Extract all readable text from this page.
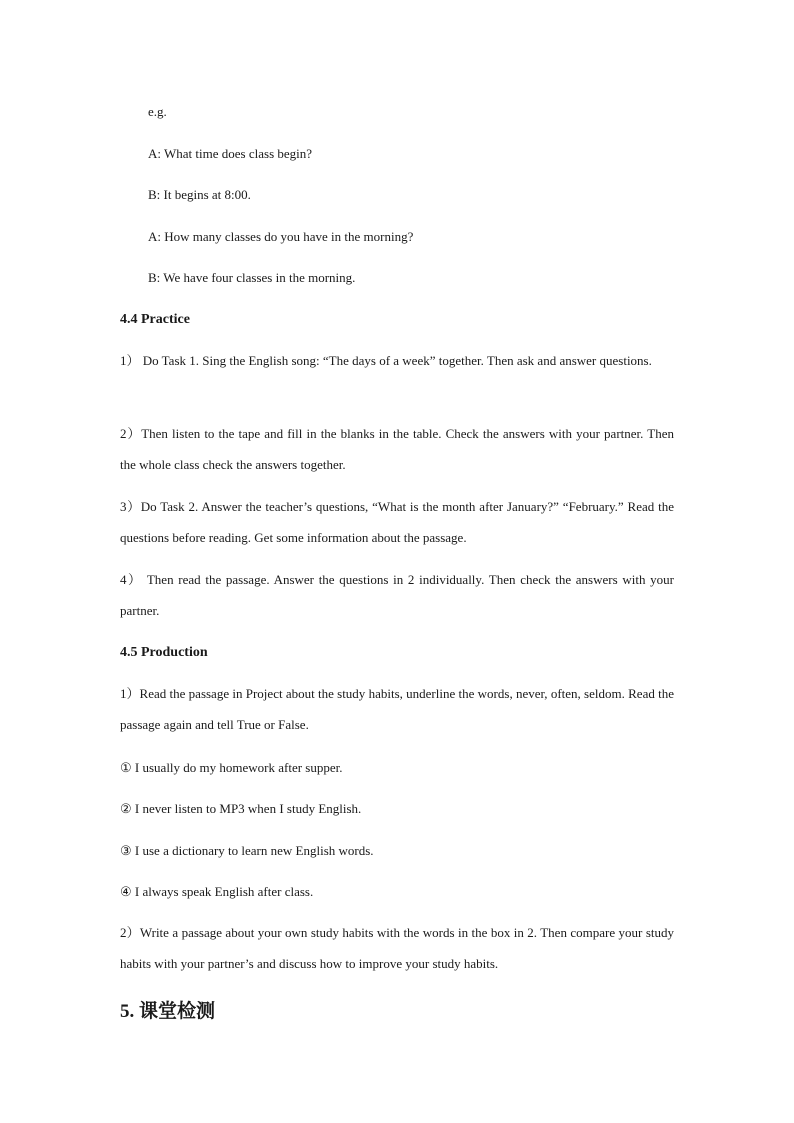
e.g.
A: What time does class begin?
B: It begins at 8:00.
A: How many classes do you have in the morning?
B: We have four classes in the morning.
4.4 Practice
1） Do Task 1. Sing the English song: “The days of a week” together. Then ask and answer questions.
2）Then listen to the tape and fill in the blanks in the table. Check the answers with your partner. Then the whole class check the answers together.
3）Do Task 2. Answer the teacher’s questions, “What is the month after January?” “February.” Read the questions before reading. Get some information about the passage.
4） Then read the passage. Answer the questions in 2 individually. Then check the answers with your partner.
4.5 Production
1）Read the passage in Project about the study habits, underline the words, never, often, seldom. Read the passage again and tell True or False.
① I usually do my homework after supper.
② I never listen to MP3 when I study English.
③ I use a dictionary to learn new English words.
④ I always speak English after class.
2）Write a passage about your own study habits with the words in the box in 2. Then compare your study habits with your partner’s and discuss how to improve your study habits.
5. 课堂检测
